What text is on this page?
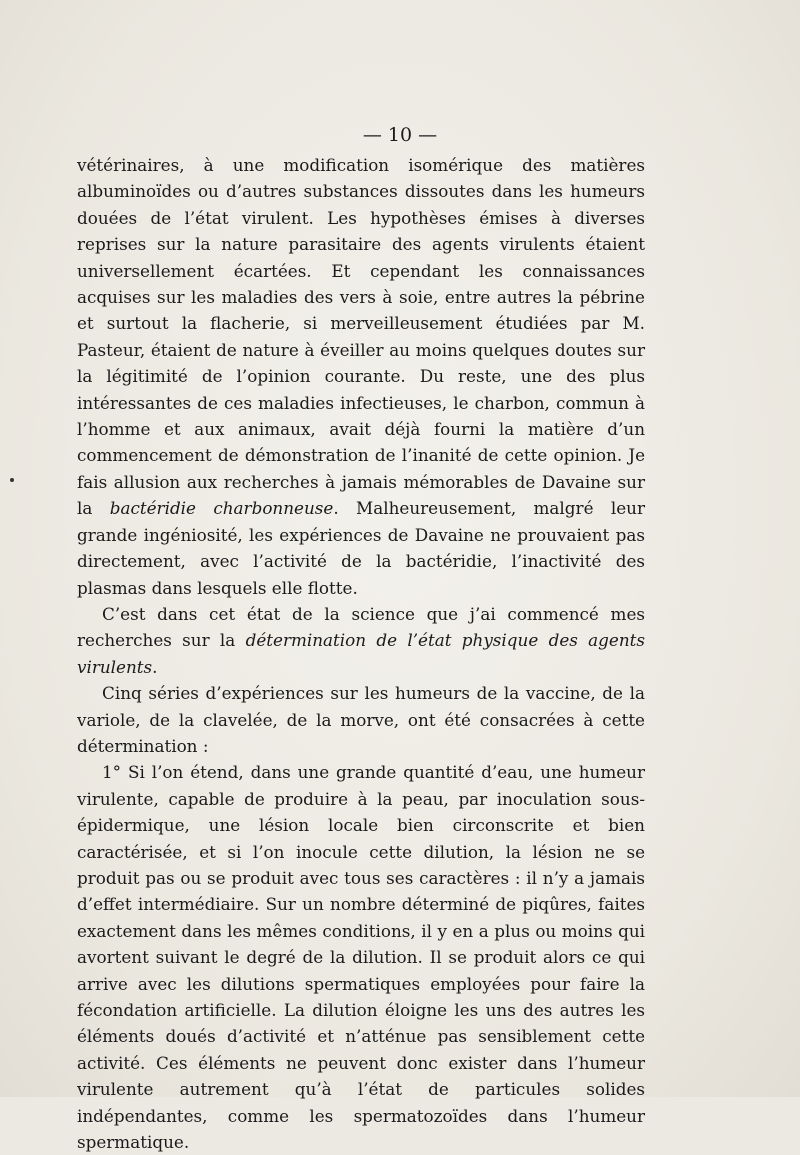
— 10 —

vétérinaires, à une modification isomérique des matières albuminoïdes ou d’autres substances dissoutes dans les humeurs douées de l’état virulent. Les hypothèses émises à diverses reprises sur la nature parasitaire des agents virulents étaient universellement écartées. Et cependant les connaissances acquises sur les maladies des vers à soie, entre autres la pébrine et surtout la flacherie, si merveilleusement étudiées par M. Pasteur, étaient de nature à éveiller au moins quelques doutes sur la légitimité de l’opinion courante. Du reste, une des plus intéressantes de ces maladies infectieuses, le charbon, commun à l’homme et aux animaux, avait déjà fourni la matière d’un commencement de démonstration de l’inanité de cette opinion. Je fais allusion aux recherches à jamais mémorables de Davaine sur la bactéridie charbonneuse. Malheureusement, malgré leur grande ingéniosité, les expériences de Davaine ne prouvaient pas directement, avec l’activité de la bactéridie, l’inactivité des plasmas dans lesquels elle flotte.

C’est dans cet état de la science que j’ai commencé mes recherches sur la détermination de l’état physique des agents virulents.

Cinq séries d’expériences sur les humeurs de la vaccine, de la variole, de la clavelée, de la morve, ont été consacrées à cette détermination :

1° Si l’on étend, dans une grande quantité d’eau, une humeur virulente, capable de produire à la peau, par inoculation sous-épidermique, une lésion locale bien circonscrite et bien caractérisée, et si l’on inocule cette dilution, la lésion ne se produit pas ou se produit avec tous ses caractères : il n’y a jamais d’effet intermédiaire. Sur un nombre déterminé de piqûres, faites exactement dans les mêmes conditions, il y en a plus ou moins qui avortent suivant le degré de la dilution. Il se produit alors ce qui arrive avec les dilutions spermatiques employées pour faire la fécondation artificielle. La dilution éloigne les uns des autres les éléments doués d’activité et n’atténue pas sensiblement cette activité. Ces éléments ne peuvent donc exister dans l’humeur virulente autrement qu’à l’état de particules solides indépendantes, comme les spermatozoïdes dans l’humeur spermatique.
